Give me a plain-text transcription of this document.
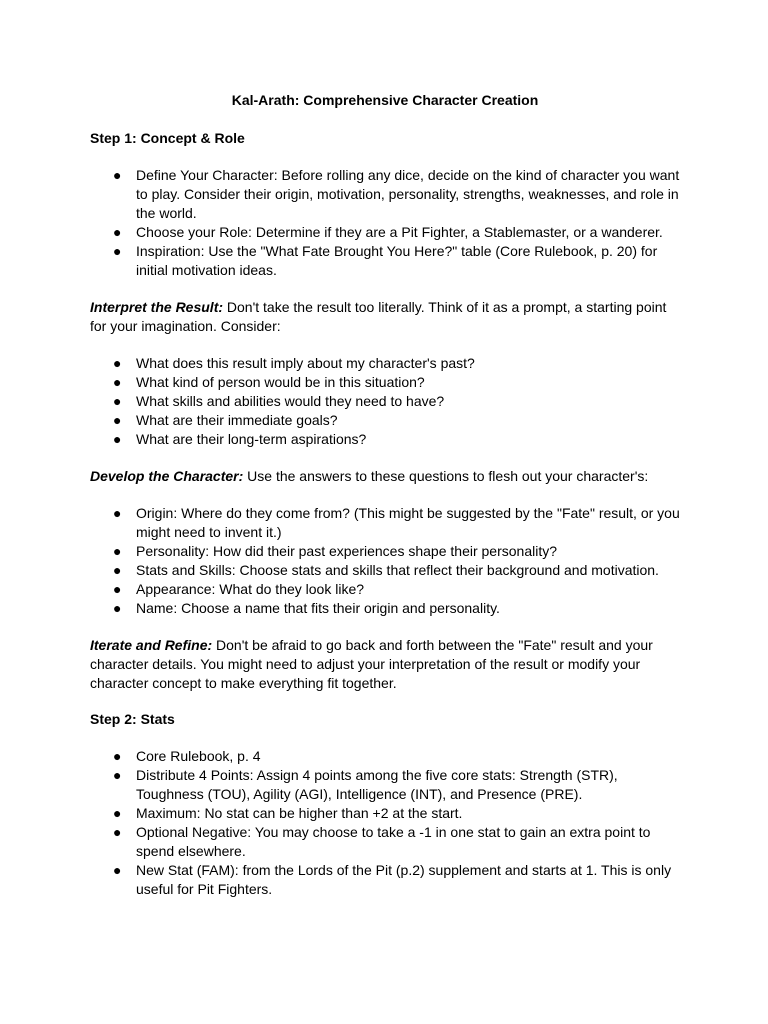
Kal-Arath: Comprehensive Character Creation

Step 1: Concept & Role

● Define Your Character: Before rolling any dice, decide on the kind of character you want to play. Consider their origin, motivation, personality, strengths, weaknesses, and role in the world.
● Choose your Role: Determine if they are a Pit Fighter, a Stablemaster, or a wanderer.
● Inspiration: Use the "What Fate Brought You Here?" table (Core Rulebook, p. 20) for initial motivation ideas.

Interpret the Result: Don't take the result too literally. Think of it as a prompt, a starting point for your imagination. Consider:

● What does this result imply about my character's past?
● What kind of person would be in this situation?
● What skills and abilities would they need to have?
● What are their immediate goals?
● What are their long-term aspirations?

Develop the Character: Use the answers to these questions to flesh out your character's:

● Origin: Where do they come from? (This might be suggested by the "Fate" result, or you might need to invent it.)
● Personality: How did their past experiences shape their personality?
● Stats and Skills: Choose stats and skills that reflect their background and motivation.
● Appearance: What do they look like?
● Name: Choose a name that fits their origin and personality.

Iterate and Refine: Don't be afraid to go back and forth between the "Fate" result and your character details. You might need to adjust your interpretation of the result or modify your character concept to make everything fit together.

Step 2: Stats

● Core Rulebook, p. 4
● Distribute 4 Points: Assign 4 points among the five core stats: Strength (STR), Toughness (TOU), Agility (AGI), Intelligence (INT), and Presence (PRE).
● Maximum: No stat can be higher than +2 at the start.
● Optional Negative: You may choose to take a -1 in one stat to gain an extra point to spend elsewhere.
● New Stat (FAM): from the Lords of the Pit (p.2) supplement and starts at 1. This is only useful for Pit Fighters.
